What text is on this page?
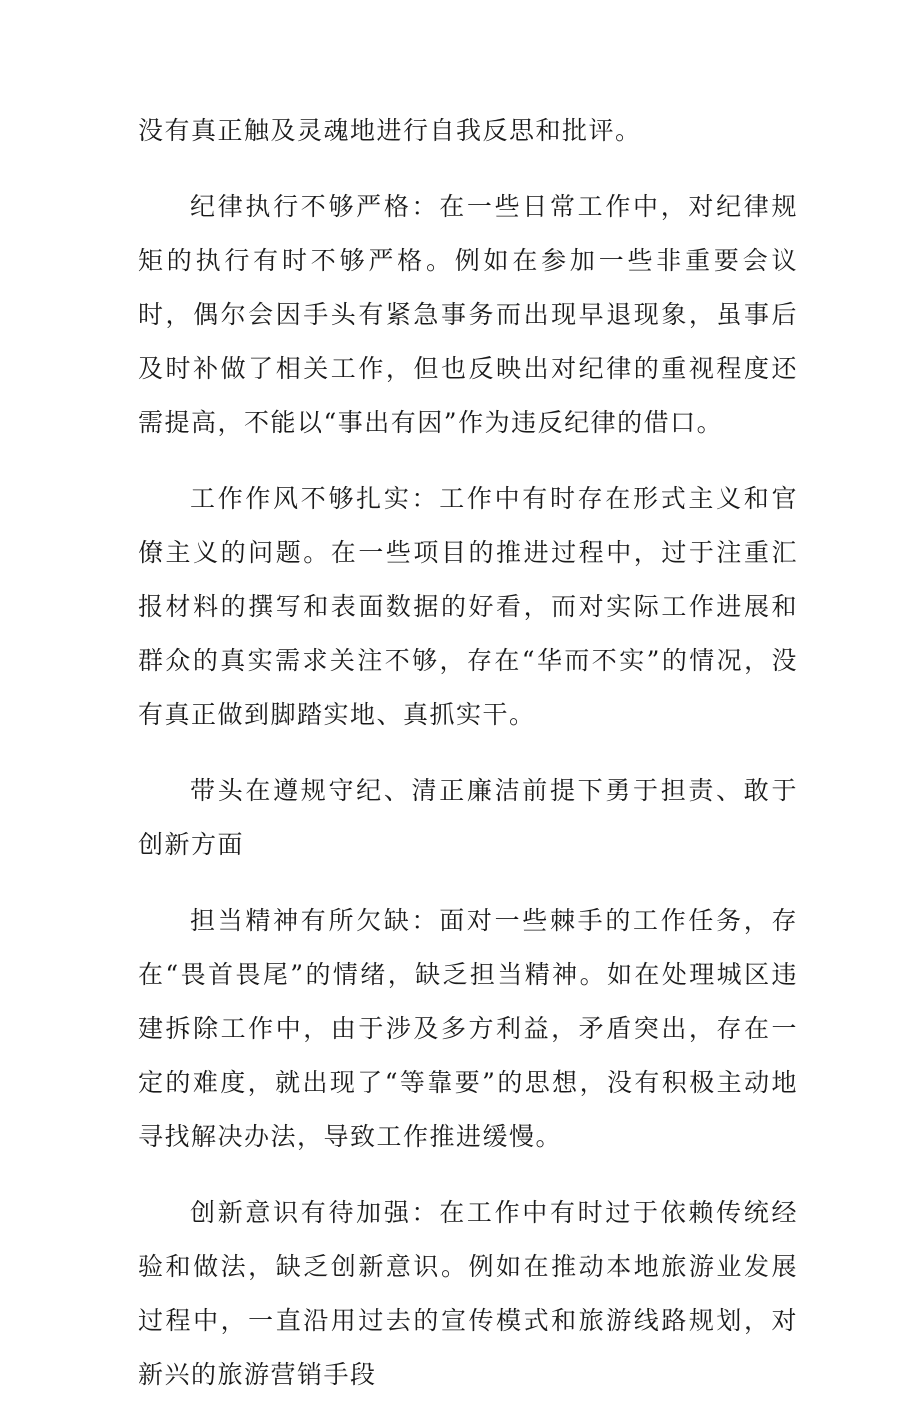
没有真正触及灵魂地进行自我反思和批评。

纪律执行不够严格：在一些日常工作中，对纪律规矩的执行有时不够严格。例如在参加一些非重要会议时，偶尔会因手头有紧急事务而出现早退现象，虽事后及时补做了相关工作，但也反映出对纪律的重视程度还需提高，不能以“事出有因”作为违反纪律的借口。

工作作风不够扎实：工作中有时存在形式主义和官僚主义的问题。在一些项目的推进过程中，过于注重汇报材料的撰写和表面数据的好看，而对实际工作进展和群众的真实需求关注不够，存在“华而不实”的情况，没有真正做到脚踏实地、真抓实干。

带头在遵规守纪、清正廉洁前提下勇于担责、敢于创新方面

担当精神有所欠缺：面对一些棘手的工作任务，存在“畏首畏尾”的情绪，缺乏担当精神。如在处理城区违建拆除工作中，由于涉及多方利益，矛盾突出，存在一定的难度，就出现了“等靠要”的思想，没有积极主动地寻找解决办法，导致工作推进缓慢。

创新意识有待加强：在工作中有时过于依赖传统经验和做法，缺乏创新意识。例如在推动本地旅游业发展过程中，一直沿用过去的宣传模式和旅游线路规划，对新兴的旅游营销手段
